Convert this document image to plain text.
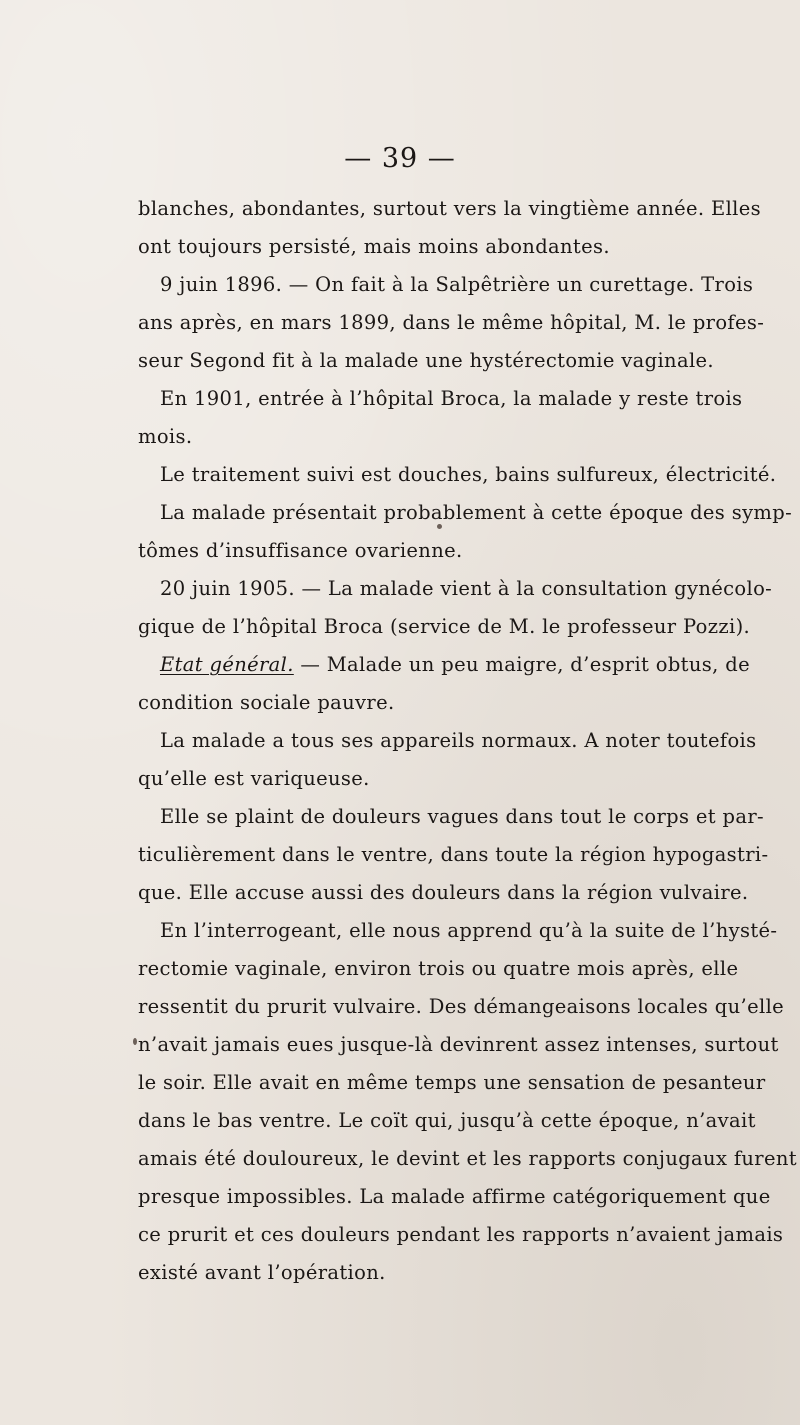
— 39 —
blanches, abondantes, surtout vers la vingtième année. Elles
ont toujours persisté, mais moins abondantes.
9 juin 1896. — On fait à la Salpêtrière un curettage. Trois
ans après, en mars 1899, dans le même hôpital, M. le profes-
seur Segond fit à la malade une hystérectomie vaginale.
En 1901, entrée à l’hôpital Broca, la malade y reste trois
mois.
Le traitement suivi est douches, bains sulfureux, électricité.
La malade présentait probablement à cette époque des symp-
tômes d’insuffisance ovarienne.
20 juin 1905. — La malade vient à la consultation gynécolo-
gique de l’hôpital Broca (service de M. le professeur Pozzi).
Etat général. — Malade un peu maigre, d’esprit obtus, de
condition sociale pauvre.
La malade a tous ses appareils normaux. A noter toutefois
qu’elle est variqueuse.
Elle se plaint de douleurs vagues dans tout le corps et par-
ticulièrement dans le ventre, dans toute la région hypogastri-
que. Elle accuse aussi des douleurs dans la région vulvaire.
En l’interrogeant, elle nous apprend qu’à la suite de l’hysté-
rectomie vaginale, environ trois ou quatre mois après, elle
ressentit du prurit vulvaire. Des démangeaisons locales qu’elle
n’avait jamais eues jusque-là devinrent assez intenses, surtout
le soir. Elle avait en même temps une sensation de pesanteur
dans le bas ventre. Le coït qui, jusqu’à cette époque, n’avait
amais été douloureux, le devint et les rapports conjugaux furent
presque impossibles. La malade affirme catégoriquement que
ce prurit et ces douleurs pendant les rapports n’avaient jamais
existé avant l’opération.
